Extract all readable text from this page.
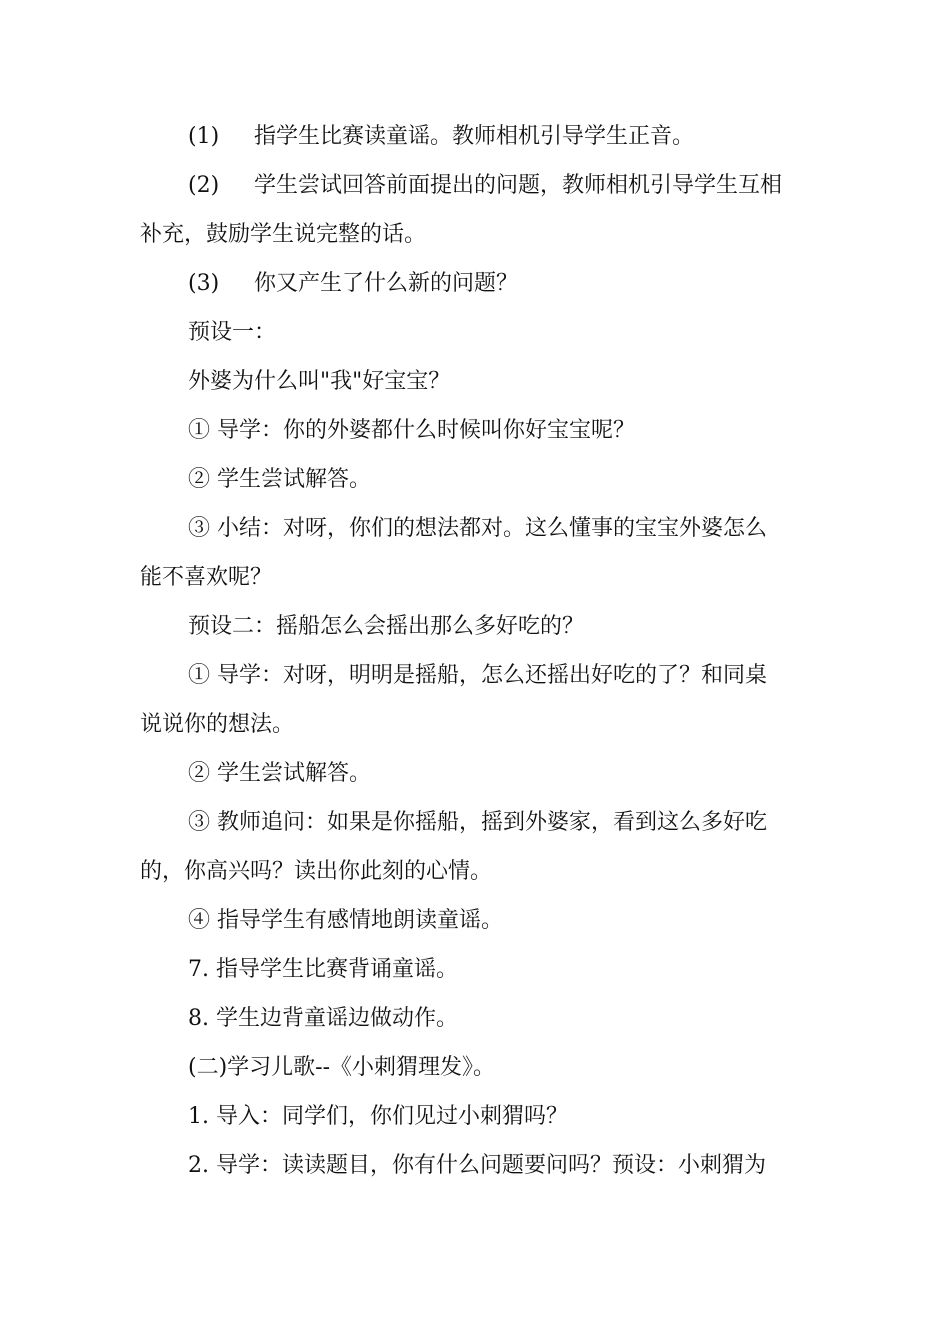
(1) 指学生比赛读童谣。教师相机引导学生正音。
(2) 学生尝试回答前面提出的问题，教师相机引导学生互相
补充，鼓励学生说完整的话。
(3) 你又产生了什么新的问题？
预设一：
外婆为什么叫"我"好宝宝？
① 导学：你的外婆都什么时候叫你好宝宝呢？
② 学生尝试解答。
③ 小结：对呀，你们的想法都对。这么懂事的宝宝外婆怎么
能不喜欢呢？
预设二：摇船怎么会摇出那么多好吃的？
① 导学：对呀，明明是摇船，怎么还摇出好吃的了？和同桌
说说你的想法。
② 学生尝试解答。
③ 教师追问：如果是你摇船，摇到外婆家，看到这么多好吃
的，你高兴吗？读出你此刻的心情。
④ 指导学生有感情地朗读童谣。
7. 指导学生比赛背诵童谣。
8. 学生边背童谣边做动作。
(二)学习儿歌--《小刺猬理发》。
1. 导入：同学们，你们见过小刺猬吗？
2. 导学：读读题目，你有什么问题要问吗？预设：小刺猬为
